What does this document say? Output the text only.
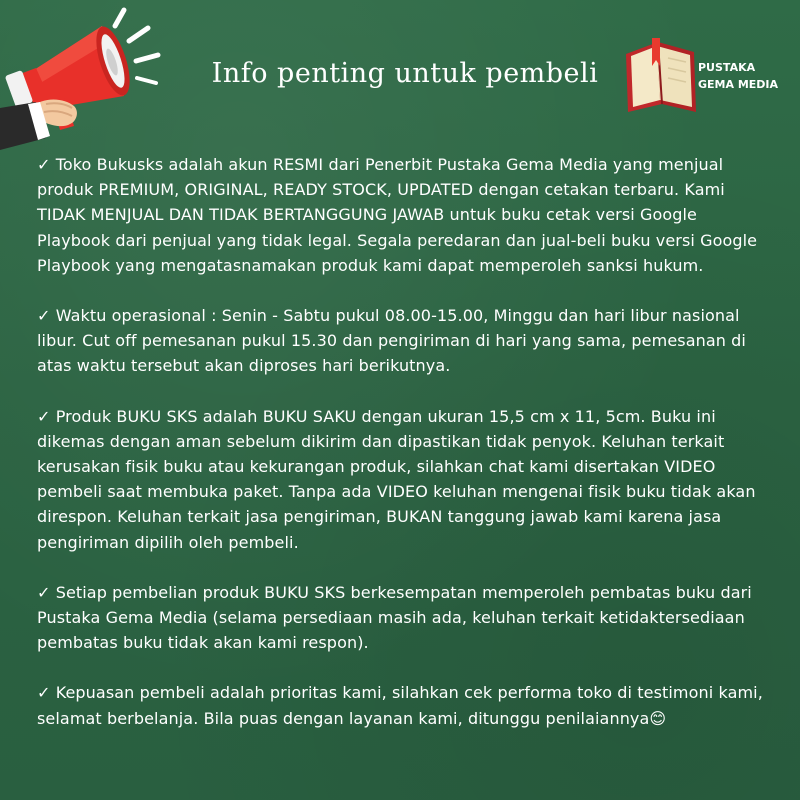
Info penting untuk pembeli	PUSTAKA
GEMA MEDIA

✓ Toko Bukusks adalah akun RESMI dari Penerbit Pustaka Gema Media yang menjual produk PREMIUM, ORIGINAL, READY STOCK, UPDATED dengan cetakan terbaru. Kami TIDAK MENJUAL DAN TIDAK BERTANGGUNG JAWAB untuk buku cetak versi Google Playbook dari penjual yang tidak legal. Segala peredaran dan jual-beli buku versi Google Playbook yang mengatasnamakan produk kami dapat memperoleh sanksi hukum.

✓ Waktu operasional : Senin - Sabtu pukul 08.00-15.00, Minggu dan hari libur nasional libur. Cut off pemesanan pukul 15.30 dan pengiriman di hari yang sama, pemesanan di atas waktu tersebut akan diproses hari berikutnya.

✓ Produk BUKU SKS adalah BUKU SAKU dengan ukuran 15,5 cm x 11, 5cm. Buku ini dikemas dengan aman sebelum dikirim dan dipastikan tidak penyok. Keluhan terkait kerusakan fisik buku atau kekurangan produk, silahkan chat kami disertakan VIDEO pembeli saat membuka paket. Tanpa ada VIDEO keluhan mengenai fisik buku tidak akan direspon. Keluhan terkait jasa pengiriman, BUKAN tanggung jawab kami karena jasa pengiriman dipilih oleh pembeli.

✓ Setiap pembelian produk BUKU SKS berkesempatan memperoleh pembatas buku dari Pustaka Gema Media (selama persediaan masih ada, keluhan terkait ketidaktersediaan pembatas buku tidak akan kami respon).

✓ Kepuasan pembeli adalah prioritas kami, silahkan cek performa toko di testimoni kami, selamat berbelanja. Bila puas dengan layanan kami, ditunggu penilaiannya😊
